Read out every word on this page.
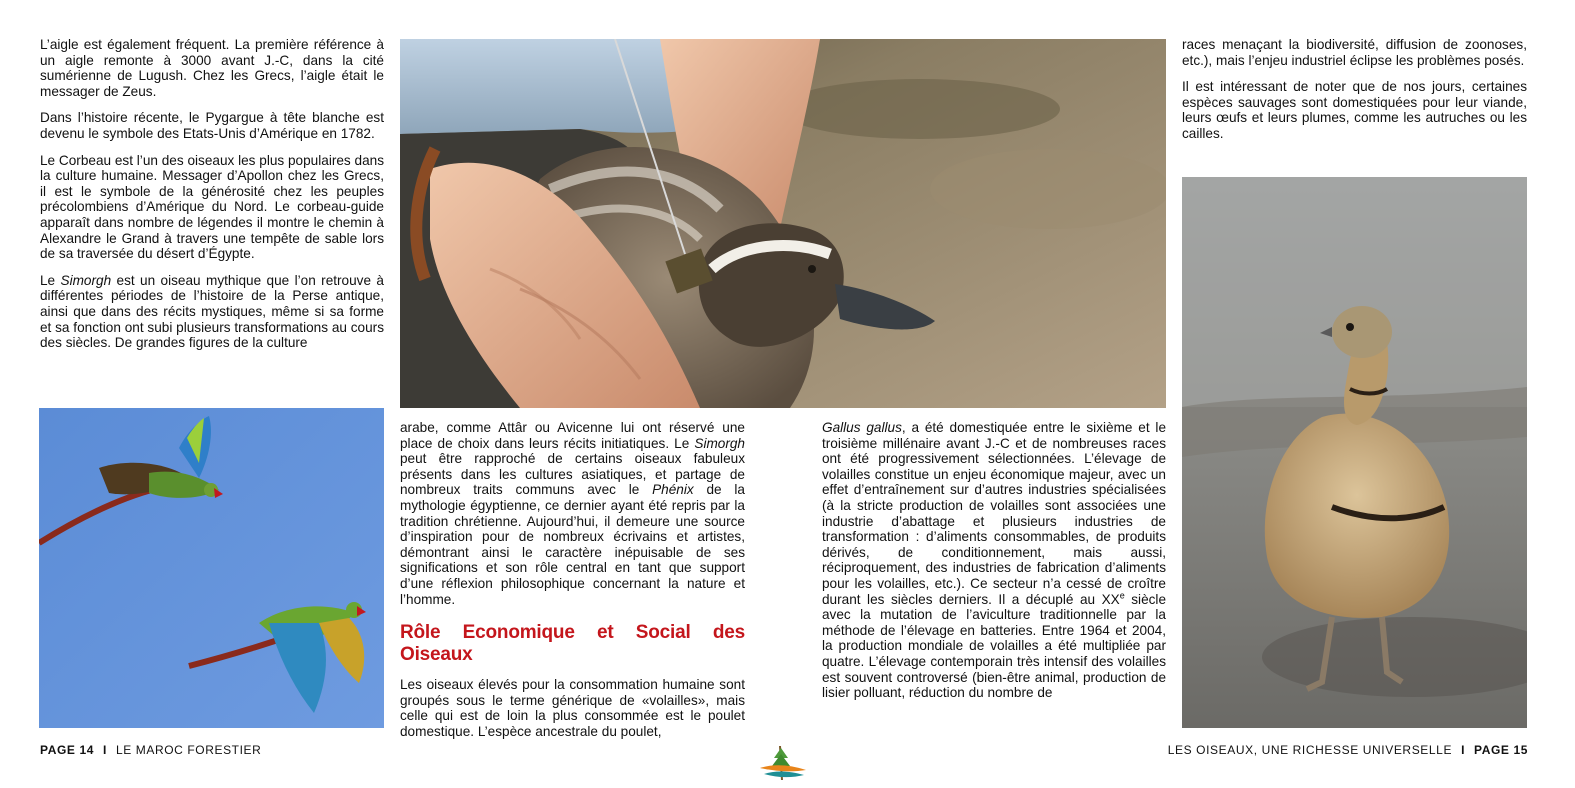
L’aigle est également fréquent. La première référence à un aigle remonte à 3000 avant J.-C, dans la cité sumérienne de Lugush. Chez les Grecs, l’aigle était le messager de Zeus.

Dans l’histoire récente, le Pygargue à tête blanche est devenu le symbole des Etats-Unis d’Amérique en 1782.

Le Corbeau est l’un des oiseaux les plus populaires dans la culture humaine. Messager d’Apollon chez les Grecs, il est le symbole de la générosité chez les peuples précolombiens d’Amérique du Nord. Le corbeau-guide apparaît dans nombre de légendes il montre le chemin à Alexandre le Grand à travers une tempête de sable lors de sa traversée du désert d’Égypte.

Le Simorgh est un oiseau mythique que l’on retrouve à différentes périodes de l’histoire de la Perse antique, ainsi que dans des récits mystiques, même si sa forme et sa fonction ont subi plusieurs transformations au cours des siècles. De grandes figures de la culture

arabe, comme Attâr ou Avicenne lui ont réservé une place de choix dans leurs récits initiatiques. Le Simorgh peut être rapproché de certains oiseaux fabuleux présents dans les cultures asiatiques, et partage de nombreux traits communs avec le Phénix de la mythologie égyptienne, ce dernier ayant été repris par la tradition chrétienne. Aujourd’hui, il demeure une source d’inspiration pour de nombreux écrivains et artistes, démontrant ainsi le caractère inépuisable de ses significations et son rôle central en tant que support d’une réflexion philosophique concernant la nature et l’homme.

Rôle Economique et Social des Oiseaux

Les oiseaux élevés pour la consommation humaine sont groupés sous le terme générique de «volailles», mais celle qui est de loin la plus consommée est le poulet domestique. L’espèce ancestrale du poulet,

Gallus gallus, a été domestiquée entre le sixième et le troisième millénaire avant J.-C et de nombreuses races ont été progressivement sélectionnées. L’élevage de volailles constitue un enjeu économique majeur, avec un effet d’entraînement sur d’autres industries spécialisées (à la stricte production de volailles sont associées une industrie d’abattage et plusieurs industries de transformation : d’aliments consommables, de produits dérivés, de conditionnement, mais aussi, réciproquement, des industries de fabrication d’aliments pour les volailles, etc.). Ce secteur n’a cessé de croître durant les siècles derniers. Il a décuplé au XXe siècle avec la mutation de l’aviculture traditionnelle par la méthode de l’élevage en batteries. Entre 1964 et 2004, la production mondiale de volailles a été multipliée par quatre. L’élevage contemporain très intensif des volailles est souvent controversé (bien-être animal, production de lisier polluant, réduction du nombre de

races menaçant la biodiversité, diffusion de zoonoses, etc.), mais l’enjeu industriel éclipse les problèmes posés.

Il est intéressant de noter que de nos jours, certaines espèces sauvages sont domestiquées pour leur viande, leurs œufs et leurs plumes, comme les autruches ou les cailles.

PAGE 14 I LE MAROC FORESTIER	LES OISEAUX, UNE RICHESSE UNIVERSELLE I PAGE 15
